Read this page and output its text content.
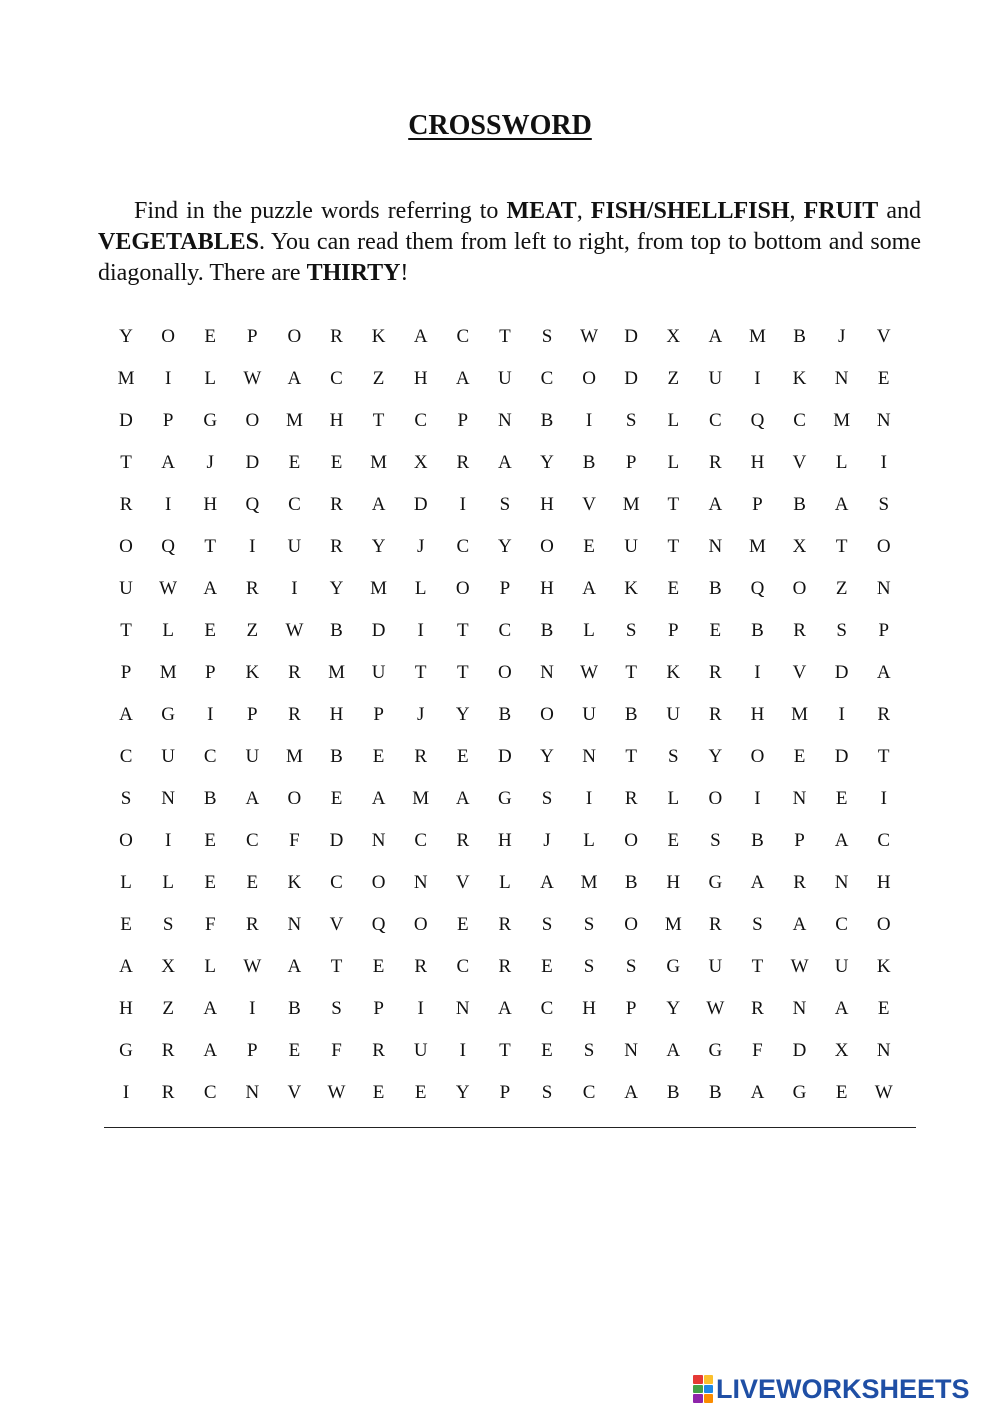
CROSSWORD

Find in the puzzle words referring to MEAT, FISH/SHELLFISH, FRUIT and VEGETABLES. You can read them from left to right, from top to bottom and some diagonally. There are THIRTY!

Y	O	E	P	O	R	K	A	C	T	S	W	D	X	A	M	B	J	V
M	I	L	W	A	C	Z	H	A	U	C	O	D	Z	U	I	K	N	E
D	P	G	O	M	H	T	C	P	N	B	I	S	L	C	Q	C	M	N
T	A	J	D	E	E	M	X	R	A	Y	B	P	L	R	H	V	L	I
R	I	H	Q	C	R	A	D	I	S	H	V	M	T	A	P	B	A	S
O	Q	T	I	U	R	Y	J	C	Y	O	E	U	T	N	M	X	T	O
U	W	A	R	I	Y	M	L	O	P	H	A	K	E	B	Q	O	Z	N
T	L	E	Z	W	B	D	I	T	C	B	L	S	P	E	B	R	S	P
P	M	P	K	R	M	U	T	T	O	N	W	T	K	R	I	V	D	A
A	G	I	P	R	H	P	J	Y	B	O	U	B	U	R	H	M	I	R
C	U	C	U	M	B	E	R	E	D	Y	N	T	S	Y	O	E	D	T
S	N	B	A	O	E	A	M	A	G	S	I	R	L	O	I	N	E	I
O	I	E	C	F	D	N	C	R	H	J	L	O	E	S	B	P	A	C
L	L	E	E	K	C	O	N	V	L	A	M	B	H	G	A	R	N	H
E	S	F	R	N	V	Q	O	E	R	S	S	O	M	R	S	A	C	O
A	X	L	W	A	T	E	R	C	R	E	S	S	G	U	T	W	U	K
H	Z	A	I	B	S	P	I	N	A	C	H	P	Y	W	R	N	A	E
G	R	A	P	E	F	R	U	I	T	E	S	N	A	G	F	D	X	N
I	R	C	N	V	W	E	E	Y	P	S	C	A	B	B	A	G	E	W
LIVEWORKSHEETS
